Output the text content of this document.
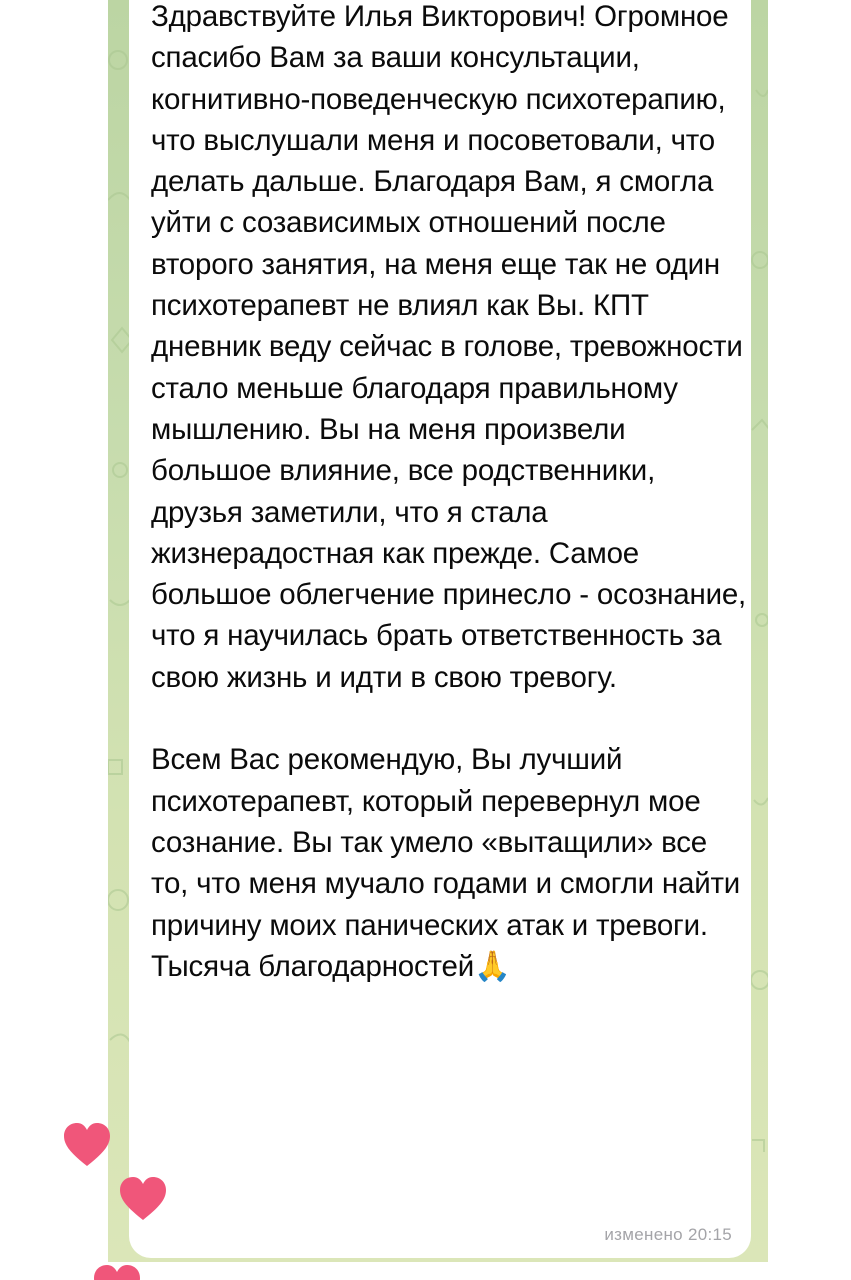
Здравствуйте Илья Викторович! Огромное спасибо Вам за ваши консультации, когнитивно-поведенческую психотерапию, что выслушали меня и посоветовали, что делать дальше. Благодаря Вам, я смогла уйти с созависимых отношений после второго занятия, на меня еще так не один психотерапевт не влиял как Вы. КПТ дневник веду сейчас в голове, тревожности стало меньше благодаря правильному мышлению. Вы на меня произвели большое влияние, все родственники, друзья заметили, что я стала жизнерадостная как прежде. Самое большое облегчение принесло - осознание, что я научилась брать ответственность за свою жизнь и идти в свою тревогу.
Всем Вас рекомендую, Вы лучший психотерапевт, который перевернул мое сознание. Вы так умело «вытащили» все то, что меня мучало годами и смогли найти причину моих панических атак и тревоги. Тысяча благодарностей🙏
изменено 20:15
